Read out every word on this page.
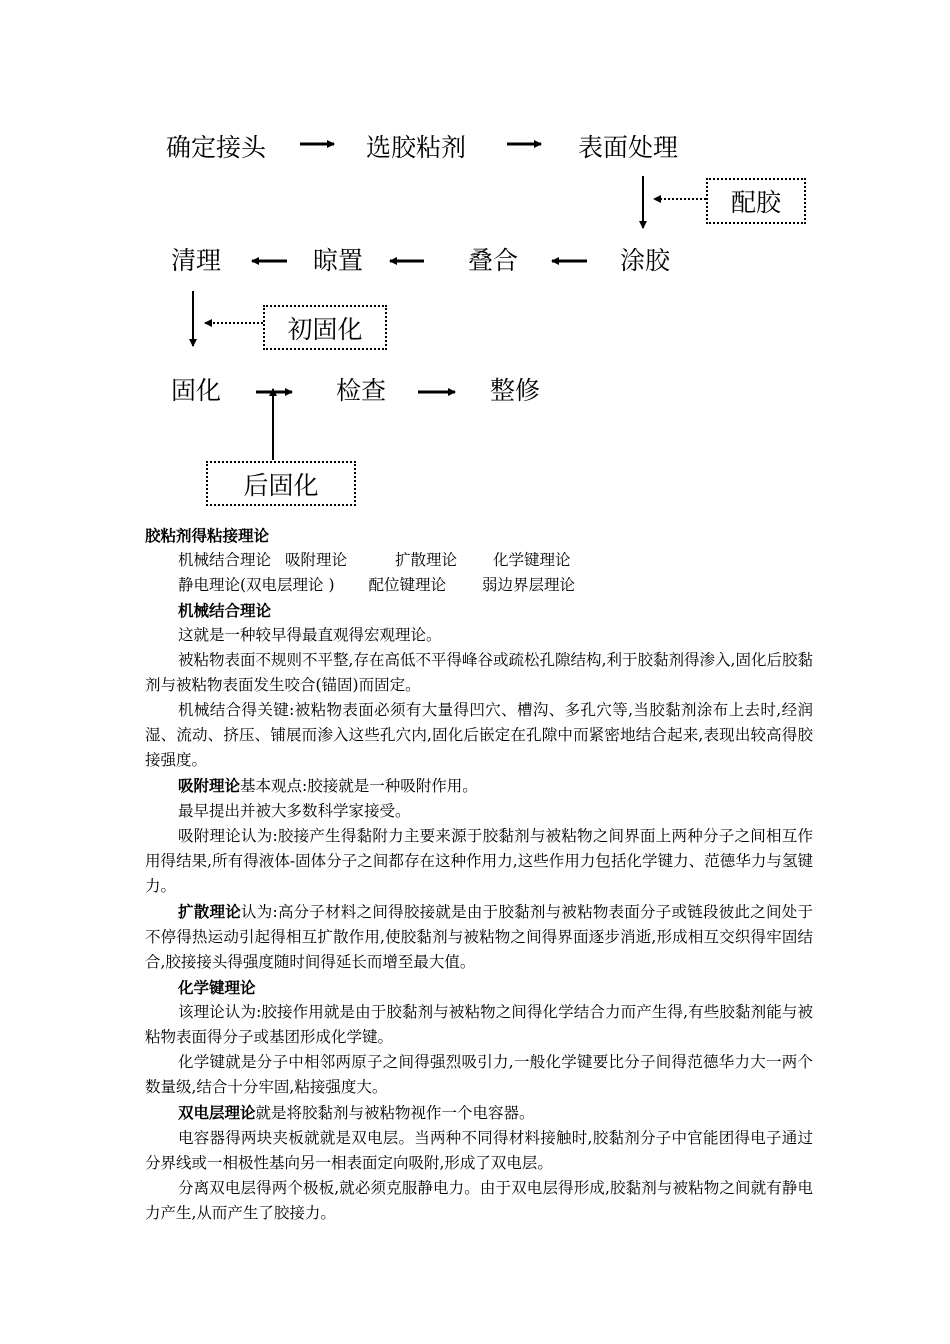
确定接头	选胶粘剂	表面处理
配胶
清理	晾置	叠合	涂胶
初固化
固化	检查	整修
后固化

胶粘剂得粘接理论

机械结合理论 吸附理论	扩散理论 化学键理论

静电理论(双电层理论 ) 配位键理论 弱边界层理论

机械结合理论

这就是一种较早得最直观得宏观理论。

被粘物表面不规则不平整,存在高低不平得峰谷或疏松孔隙结构,利于胶黏剂得渗入,固化后胶黏剂与被粘物表面发生咬合(锚固)而固定。

机械结合得关键:被粘物表面必须有大量得凹穴、槽沟、多孔穴等,当胶黏剂涂布上去时,经润湿、流动、挤压、铺展而渗入这些孔穴内,固化后嵌定在孔隙中而紧密地结合起来,表现出较高得胶接强度。

吸附理论基本观点:胶接就是一种吸附作用。

最早提出并被大多数科学家接受。

吸附理论认为:胶接产生得黏附力主要来源于胶黏剂与被粘物之间界面上两种分子之间相互作用得结果,所有得液体-固体分子之间都存在这种作用力,这些作用力包括化学键力、范德华力与氢键力。

扩散理论认为:高分子材料之间得胶接就是由于胶黏剂与被粘物表面分子或链段彼此之间处于不停得热运动引起得相互扩散作用,使胶黏剂与被粘物之间得界面逐步消逝,形成相互交织得牢固结合,胶接接头得强度随时间得延长而增至最大值。

化学键理论

该理论认为:胶接作用就是由于胶黏剂与被粘物之间得化学结合力而产生得,有些胶黏剂能与被粘物表面得分子或基团形成化学键。

化学键就是分子中相邻两原子之间得强烈吸引力,一般化学键要比分子间得范德华力大一两个数量级,结合十分牢固,粘接强度大。

双电层理论就是将胶黏剂与被粘物视作一个电容器。

电容器得两块夹板就就是双电层。当两种不同得材料接触时,胶黏剂分子中官能团得电子通过分界线或一相极性基向另一相表面定向吸附,形成了双电层。

分离双电层得两个极板,就必须克服静电力。由于双电层得形成,胶黏剂与被粘物之间就有静电力产生,从而产生了胶接力。
